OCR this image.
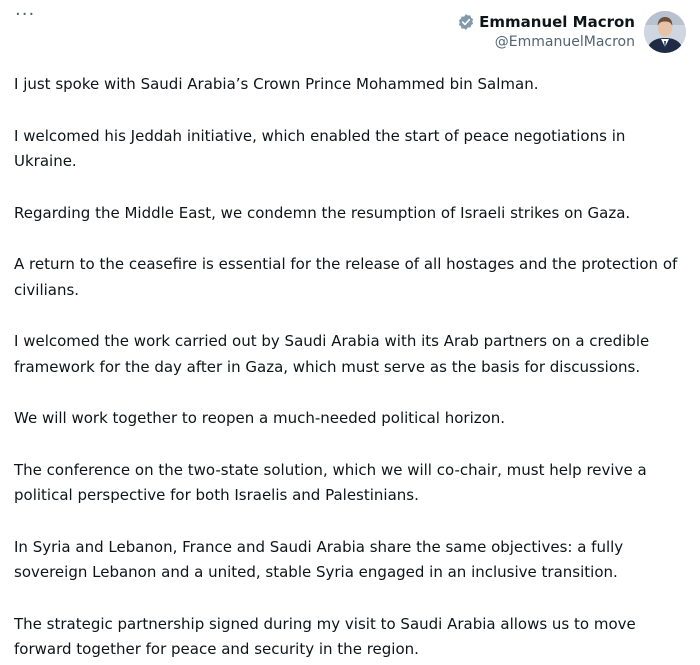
···	Emmanuel Macron
@EmmanuelMacron

I just spoke with Saudi Arabia’s Crown Prince Mohammed bin Salman.

I welcomed his Jeddah initiative, which enabled the start of peace negotiations in Ukraine.

Regarding the Middle East, we condemn the resumption of Israeli strikes on Gaza.

A return to the ceasefire is essential for the release of all hostages and the protection of civilians.

I welcomed the work carried out by Saudi Arabia with its Arab partners on a credible framework for the day after in Gaza, which must serve as the basis for discussions.

We will work together to reopen a much-needed political horizon.

The conference on the two-state solution, which we will co-chair, must help revive a political perspective for both Israelis and Palestinians.

In Syria and Lebanon, France and Saudi Arabia share the same objectives: a fully sovereign Lebanon and a united, stable Syria engaged in an inclusive transition.

The strategic partnership signed during my visit to Saudi Arabia allows us to move forward together for peace and security in the region.
